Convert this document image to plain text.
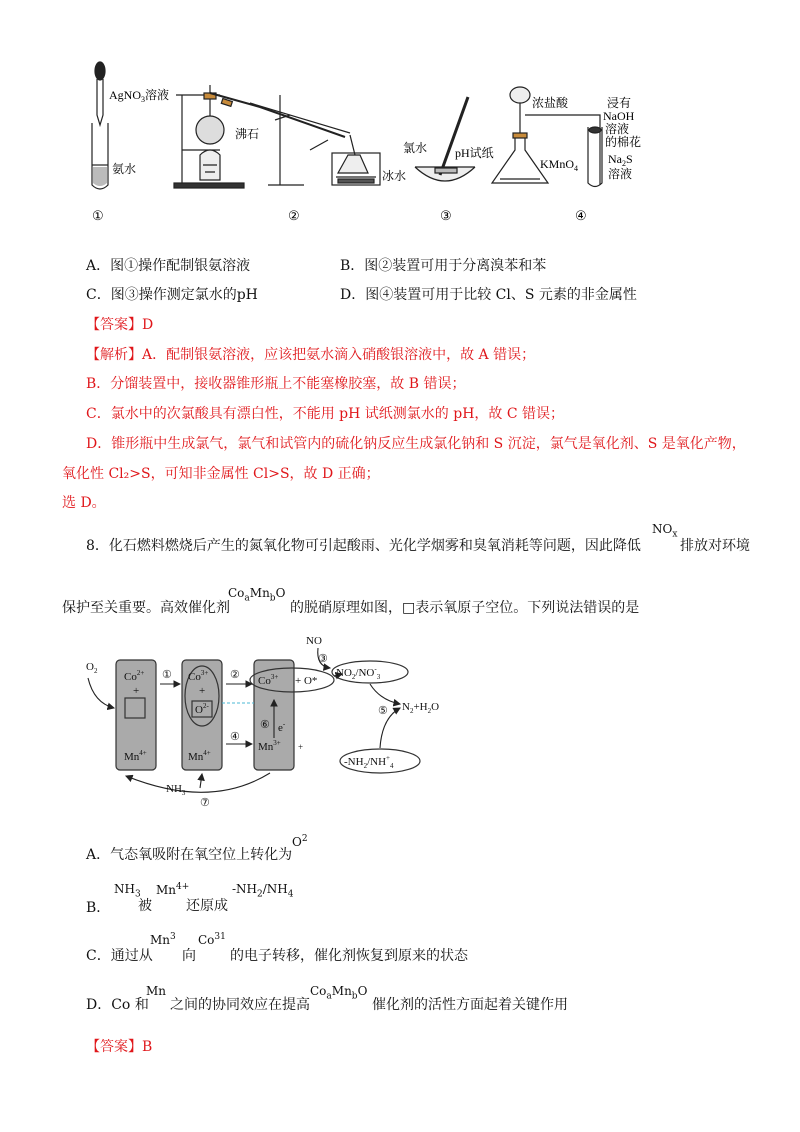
AgNO$_3$溶液
氨水
①
沸石
冰水
②
氯水 pH试纸
③
浓盐酸
KMnO$_4$
浸有
NaOH
溶液
的棉花
$Na_2S$
溶液
④
A．图①操作配制银氨溶液	B．图②装置可用于分离溴苯和苯
C．图③操作测定氯水的pH	D．图④装置可用于比较 Cl、S 元素的非金属性
【答案】D
【解析】A．配制银氨溶液，应该把氨水滴入硝酸银溶液中，故 A 错误；
B．分馏装置中，接收器锥形瓶上不能塞橡胶塞，故 B 错误；
C．氯水中的次氯酸具有漂白性，不能用 pH 试纸测氯水的 pH，故 C 错误；
D．锥形瓶中生成氯气，氯气和试管内的硫化钠反应生成氯化钠和 S 沉淀，氯气是氧化剂、S 是氧化产物，
氧化性 Cl₂>S，可知非金属性 Cl>S，故 D 正确；
选 D。
8．化石燃料燃烧后产生的氮氧化物可引起酸雨、光化学烟雾和臭氧消耗等问题，因此降低
$NO_x$
排放对环境
保护至关重要。高效催化剂
$Co_aMn_bO$
的脱硝原理如图，□表示氧原子空位。下列说法错误的是
$O_2$ $Co^{2+}$
+
$Mn^{4+}$
$Co^{3+}$
+
$O^{2-}$
$Mn^{4+}$
$Co^{3+} + O*$
e-
$Mn^{3+}$ +
NO
$NO_2/NO^-_3$
$N_2+H_2O$
$-NH_2/NH^+_4$
$NH_3$
①	②
③
④
⑤
⑥
⑦
A．气态氧吸附在氧空位上转化为
$O^2$
B．
$NH_3$
被
$Mn^{4+}$
还原成
$-NH_2/NH_4$
C．通过从
Mn$^3$
向
Co$^{31}$
的电子转移，催化剂恢复到原来的状态
D．Co 和
Mn
之间的协同效应在提高
$Co_aMn_bO$
催化剂的活性方面起着关键作用
【答案】B
